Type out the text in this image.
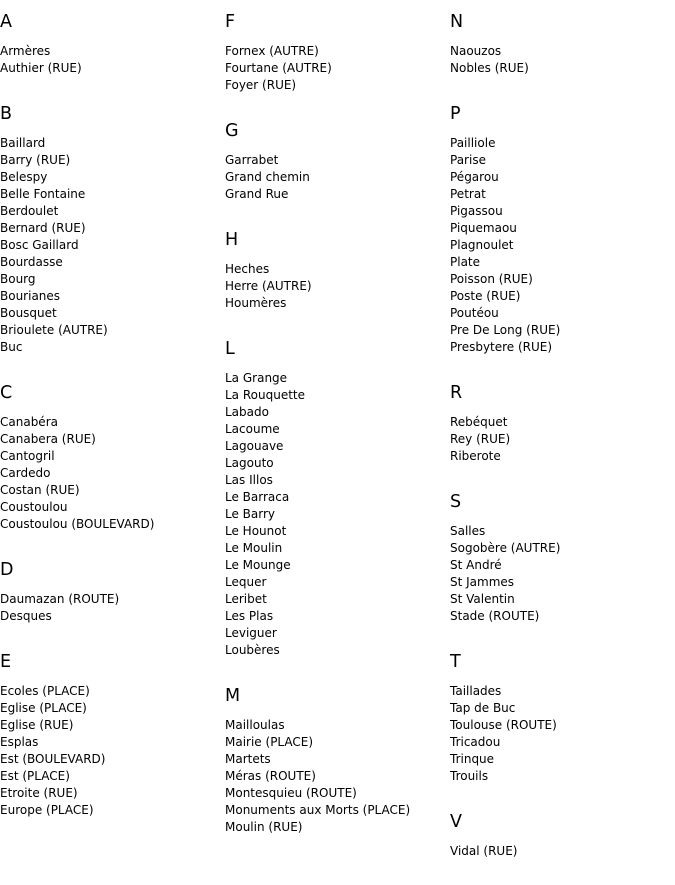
A
Armères
Authier (RUE)
B
Baillard
Barry (RUE)
Belespy
Belle Fontaine
Berdoulet
Bernard (RUE)
Bosc Gaillard
Bourdasse
Bourg
Bourianes
Bousquet
Brioulete (AUTRE)
Buc
C
Canabéra
Canabera (RUE)
Cantogril
Cardedo
Costan (RUE)
Coustoulou
Coustoulou (BOULEVARD)
D
Daumazan (ROUTE)
Desques
E
Ecoles (PLACE)
Eglise (PLACE)
Eglise (RUE)
Esplas
Est (BOULEVARD)
Est (PLACE)
Etroite (RUE)
Europe (PLACE)
F
Fornex (AUTRE)
Fourtane (AUTRE)
Foyer (RUE)
G
Garrabet
Grand chemin
Grand Rue
H
Heches
Herre (AUTRE)
Houmères
L
La Grange
La Rouquette
Labado
Lacoume
Lagouave
Lagouto
Las Illos
Le Barraca
Le Barry
Le Hounot
Le Moulin
Le Mounge
Lequer
Leribet
Les Plas
Leviguer
Loubères
M
Mailloulas
Mairie (PLACE)
Martets
Méras (ROUTE)
Montesquieu (ROUTE)
Monuments aux Morts (PLACE)
Moulin (RUE)
N
Naouzos
Nobles (RUE)
P
Pailliole
Parise
Pégarou
Petrat
Pigassou
Piquemaou
Plagnoulet
Plate
Poisson (RUE)
Poste (RUE)
Poutéou
Pre De Long (RUE)
Presbytere (RUE)
R
Rebéquet
Rey (RUE)
Riberote
S
Salles
Sogobère (AUTRE)
St André
St Jammes
St Valentin
Stade (ROUTE)
T
Taillades
Tap de Buc
Toulouse (ROUTE)
Tricadou
Trinque
Trouils
V
Vidal (RUE)
